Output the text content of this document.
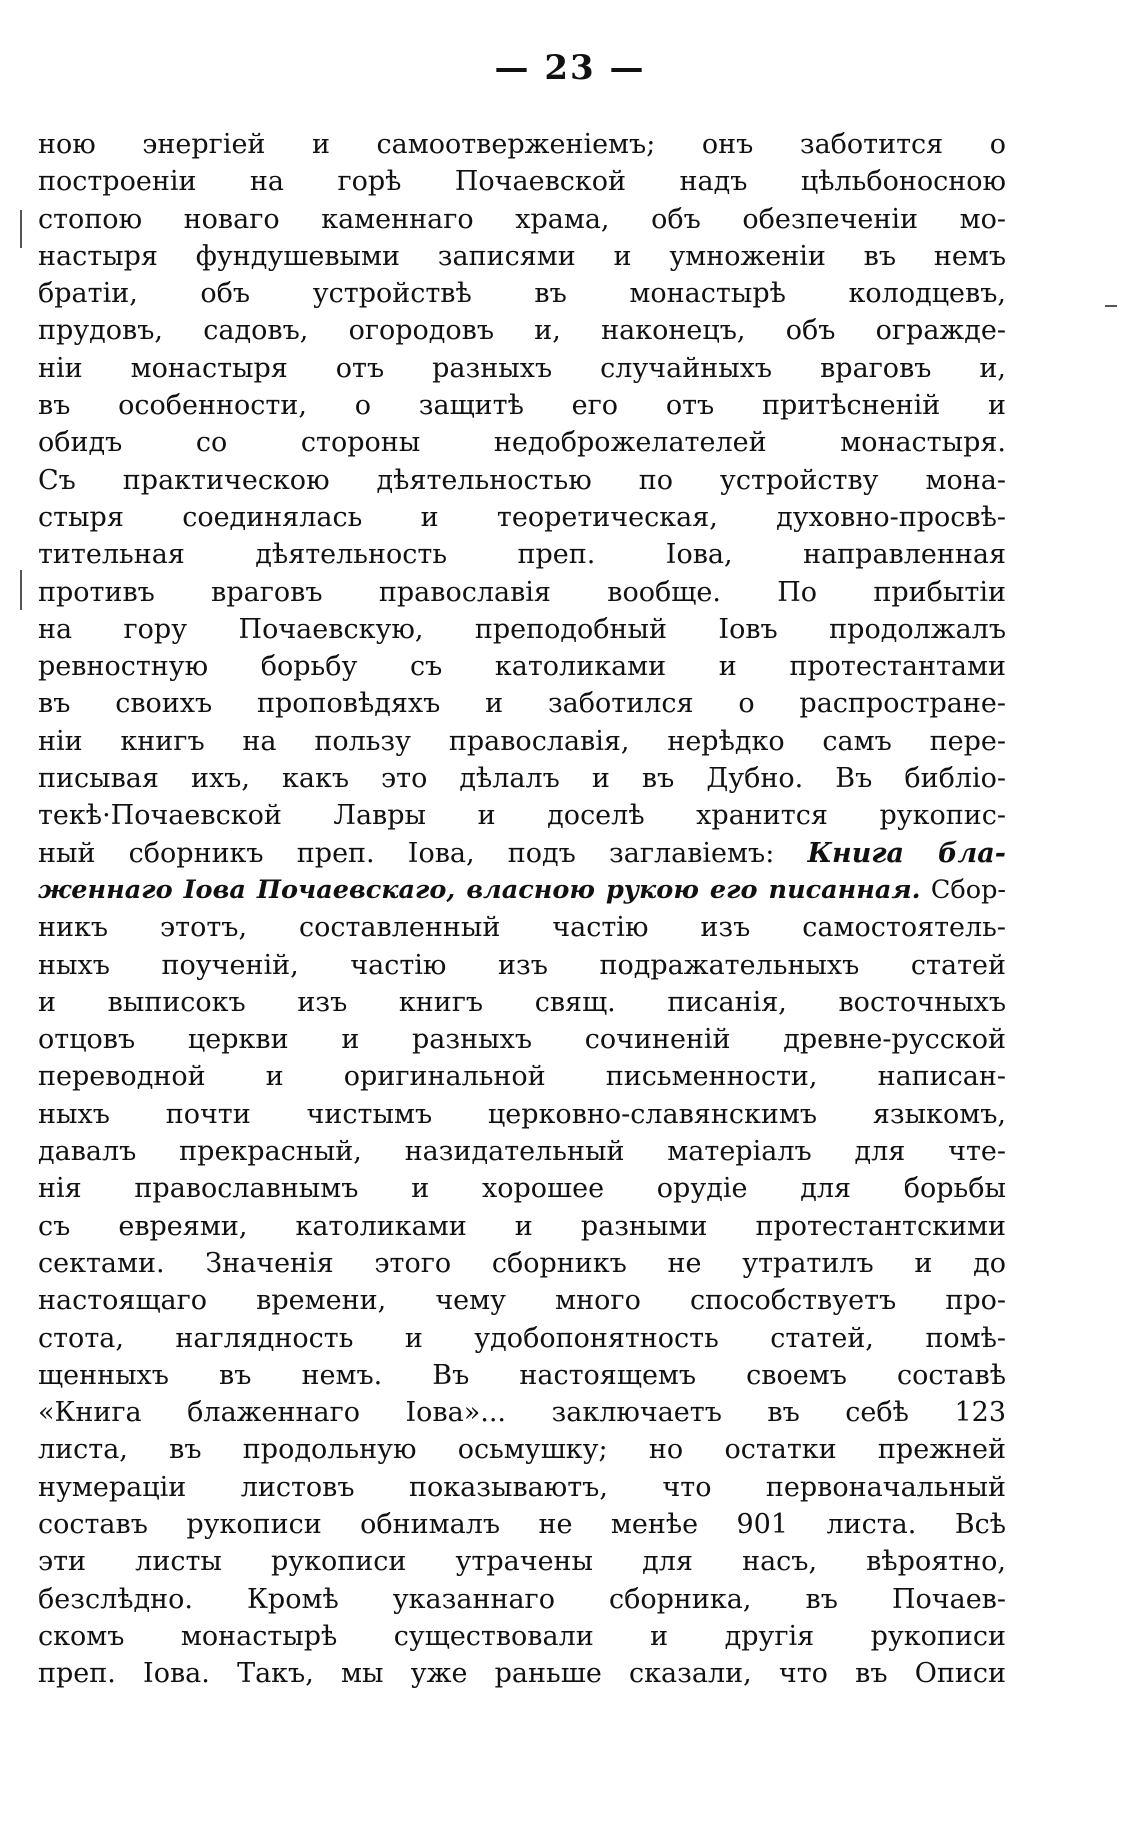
— 23 —
ною энергіей и самоотверженіемъ; онъ заботится о
построеніи на горѣ Почаевской надъ цѣльбоносною
стопою новаго каменнаго храма, объ обезпеченіи мо-
настыря фундушевыми записями и умноженіи въ немъ
братіи, объ устройствѣ въ монастырѣ колодцевъ,
прудовъ, садовъ, огородовъ и, наконецъ, объ огражде-
ніи монастыря отъ разныхъ случайныхъ враговъ и,
въ особенности, о защитѣ его отъ притѣсненій и
обидъ со стороны недоброжелателей монастыря.
Съ практическою дѣятельностью по устройству мона-
стыря соединялась и теоретическая, духовно-просвѣ-
тительная дѣятельность преп. Іова, направленная
противъ враговъ православія вообще. По прибытіи
на гору Почаевскую, преподобный Іовъ продолжалъ
ревностную борьбу съ католиками и протестантами
въ своихъ проповѣдяхъ и заботился о распростране-
ніи книгъ на пользу православія, нерѣдко самъ пере-
писывая ихъ, какъ это дѣлалъ и въ Дубно. Въ библіо-
текѣ·Почаевской Лавры и доселѣ хранится рукопис-
ный сборникъ преп. Іова, подъ заглавіемъ: Книга бла-
женнаго Іова Почаевскаго, власною рукою его писанная. Сбор-
никъ этотъ, составленный частію изъ самостоятель-
ныхъ поученій, частію изъ подражательныхъ статей
и выписокъ изъ книгъ свящ. писанія, восточныхъ
отцовъ церкви и разныхъ сочиненій древне-русской
переводной и оригинальной письменности, написан-
ныхъ почти чистымъ церковно-славянскимъ языкомъ,
давалъ прекрасный, назидательный матеріалъ для чте-
нія православнымъ и хорошее орудіе для борьбы
съ евреями, католиками и разными протестантскими
сектами. Значенія этого сборникъ не утратилъ и до
настоящаго времени, чему много способствуетъ про-
стота, наглядность и удобопонятность статей, помѣ-
щенныхъ въ немъ. Въ настоящемъ своемъ составѣ
«Книга блаженнаго Іова»... заключаетъ въ себѣ 123
листа, въ продольную осьмушку; но остатки прежней
нумераціи листовъ показываютъ, что первоначальный
составъ рукописи обнималъ не менѣе 901 листа. Всѣ
эти листы рукописи утрачены для насъ, вѣроятно,
безслѣдно. Кромѣ указаннаго сборника, въ Почаев-
скомъ монастырѣ существовали и другія рукописи
преп. Іова. Такъ, мы уже раньше сказали, что въ Описи
